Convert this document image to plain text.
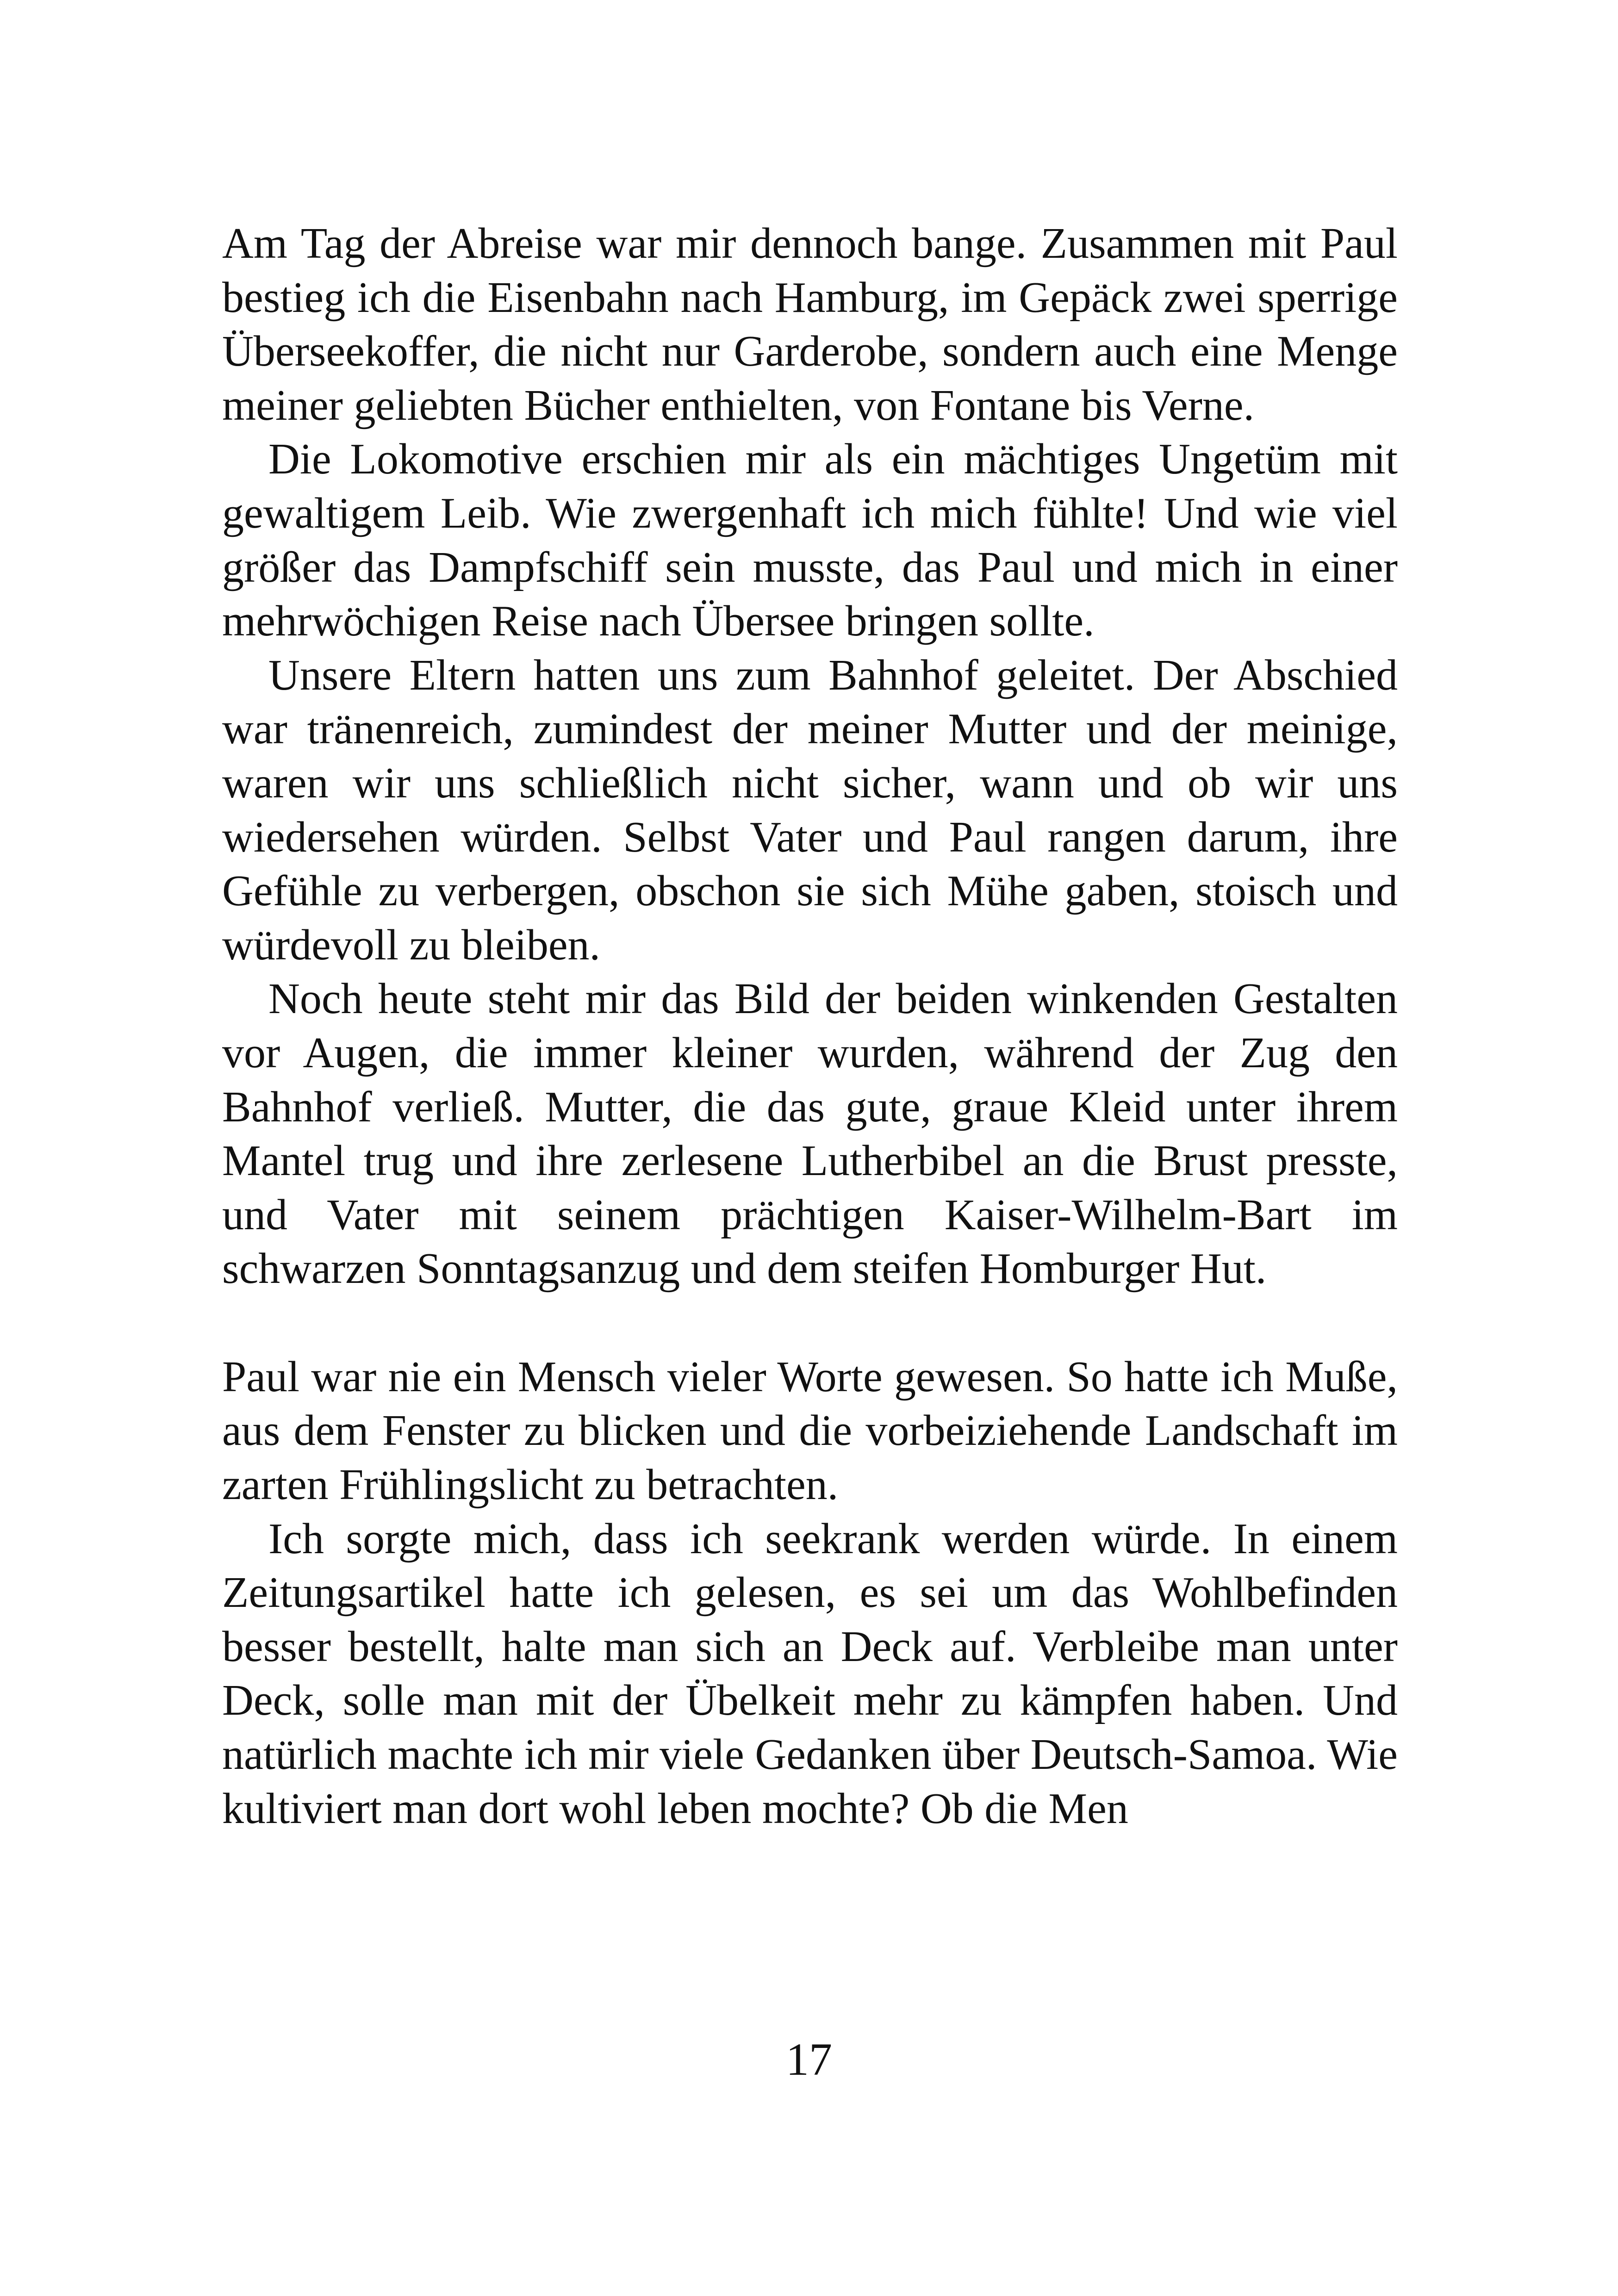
Am Tag der Abreise war mir dennoch bange. Zusammen mit Paul bestieg ich die Eisenbahn nach Hamburg, im Gepäck zwei sperrige Überseekoffer, die nicht nur Garderobe, sondern auch eine Menge meiner geliebten Bücher enthielten, von Fontane bis Verne.

Die Lokomotive erschien mir als ein mächtiges Ungetüm mit gewaltigem Leib. Wie zwergenhaft ich mich fühlte! Und wie viel größer das Dampfschiff sein musste, das Paul und mich in einer mehrwöchigen Reise nach Übersee bringen sollte.

Unsere Eltern hatten uns zum Bahnhof geleitet. Der Abschied war tränenreich, zumindest der meiner Mutter und der meinige, waren wir uns schließlich nicht sicher, wann und ob wir uns wiedersehen würden. Selbst Vater und Paul rangen darum, ihre Gefühle zu verbergen, obschon sie sich Mühe gaben, stoisch und würdevoll zu bleiben.

Noch heute steht mir das Bild der beiden winkenden Gestalten vor Augen, die immer kleiner wurden, während der Zug den Bahnhof verließ. Mutter, die das gute, graue Kleid unter ihrem Mantel trug und ihre zerlesene Lutherbibel an die Brust presste, und Vater mit seinem prächtigen Kaiser-Wilhelm-Bart im schwarzen Sonntagsanzug und dem steifen Homburger Hut.

Paul war nie ein Mensch vieler Worte gewesen. So hatte ich Muße, aus dem Fenster zu blicken und die vorbeiziehende Landschaft im zarten Frühlingslicht zu betrachten.

Ich sorgte mich, dass ich seekrank werden würde. In einem Zeitungsartikel hatte ich gelesen, es sei um das Wohlbefinden besser bestellt, halte man sich an Deck auf. Verbleibe man unter Deck, solle man mit der Übelkeit mehr zu kämpfen haben. Und natürlich machte ich mir viele Gedanken über Deutsch-Samoa. Wie kultiviert man dort wohl leben mochte? Ob die Men

17
